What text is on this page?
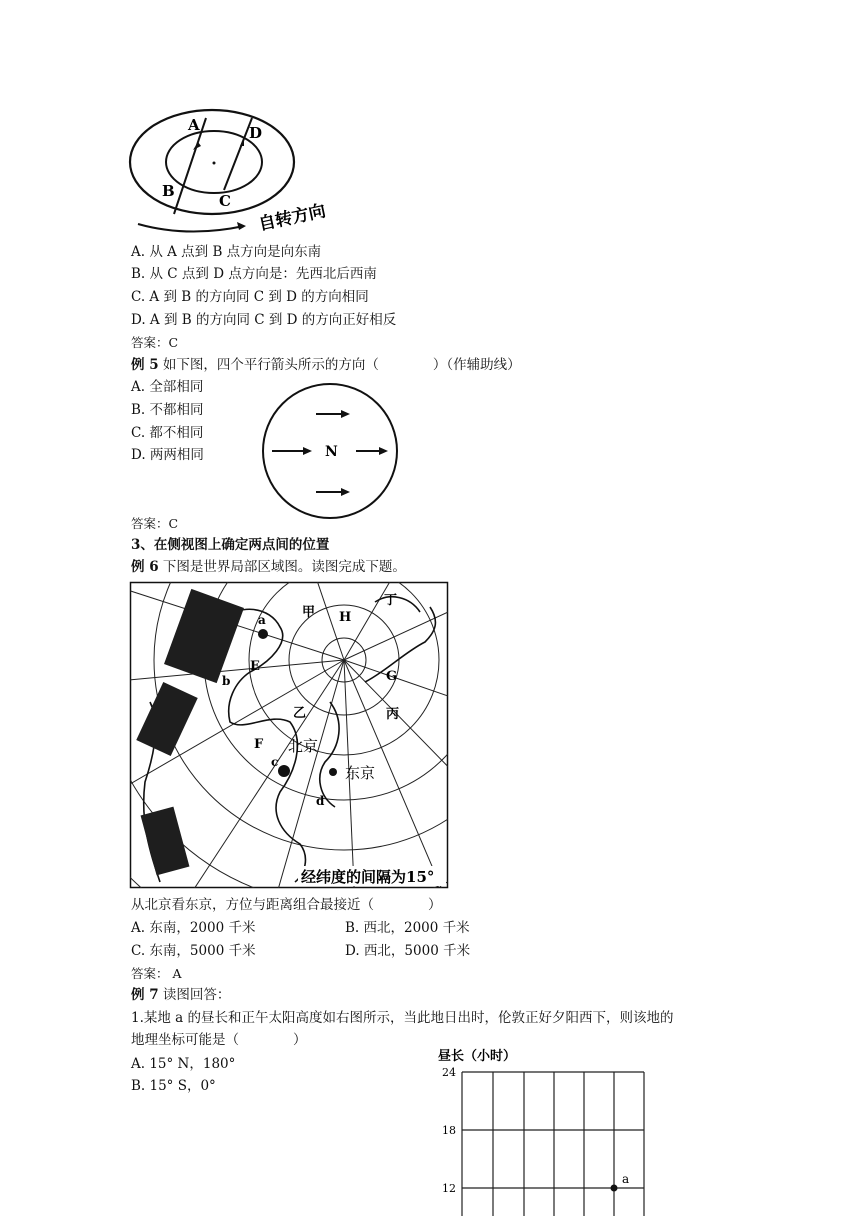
A	D
B
C
自转方向
A. 从 A 点到 B 点方向是向东南
B. 从 C 点到 D 点方向是：先西北后西南
C. A 到 B 的方向同 C 到 D 的方向相同
D. A 到 B 的方向同 C 到 D 的方向正好相反
答案：C
例 5 如下图，四个平行箭头所示的方向（　　　　）（作辅助线）
A. 全部相同
B. 不都相同
C. 都不相同
D. 两两相同	N
答案：C
3、在侧视图上确定两点间的位置
例 6 下图是世界局部区域图。读图完成下题。
甲 H
丁
a
E
b	G
乙	丙
F 北京
c
东京
d
经纬度的间隔为15°
从北京看东京，方位与距离组合最接近（　　　　）
A. 东南，2000 千米	B. 西北，2000 千米
C. 东南，5000 千米	D. 西北，5000 千米
答案： A
例 7 读图回答：
1.某地 a 的昼长和正午太阳高度如右图所示，当此地日出时，伦敦正好夕阳西下，则该地的
地理坐标可能是（　　　　）
A. 15° N，180°
B. 15° S，0°
昼长（小时）
24
18
12
a
